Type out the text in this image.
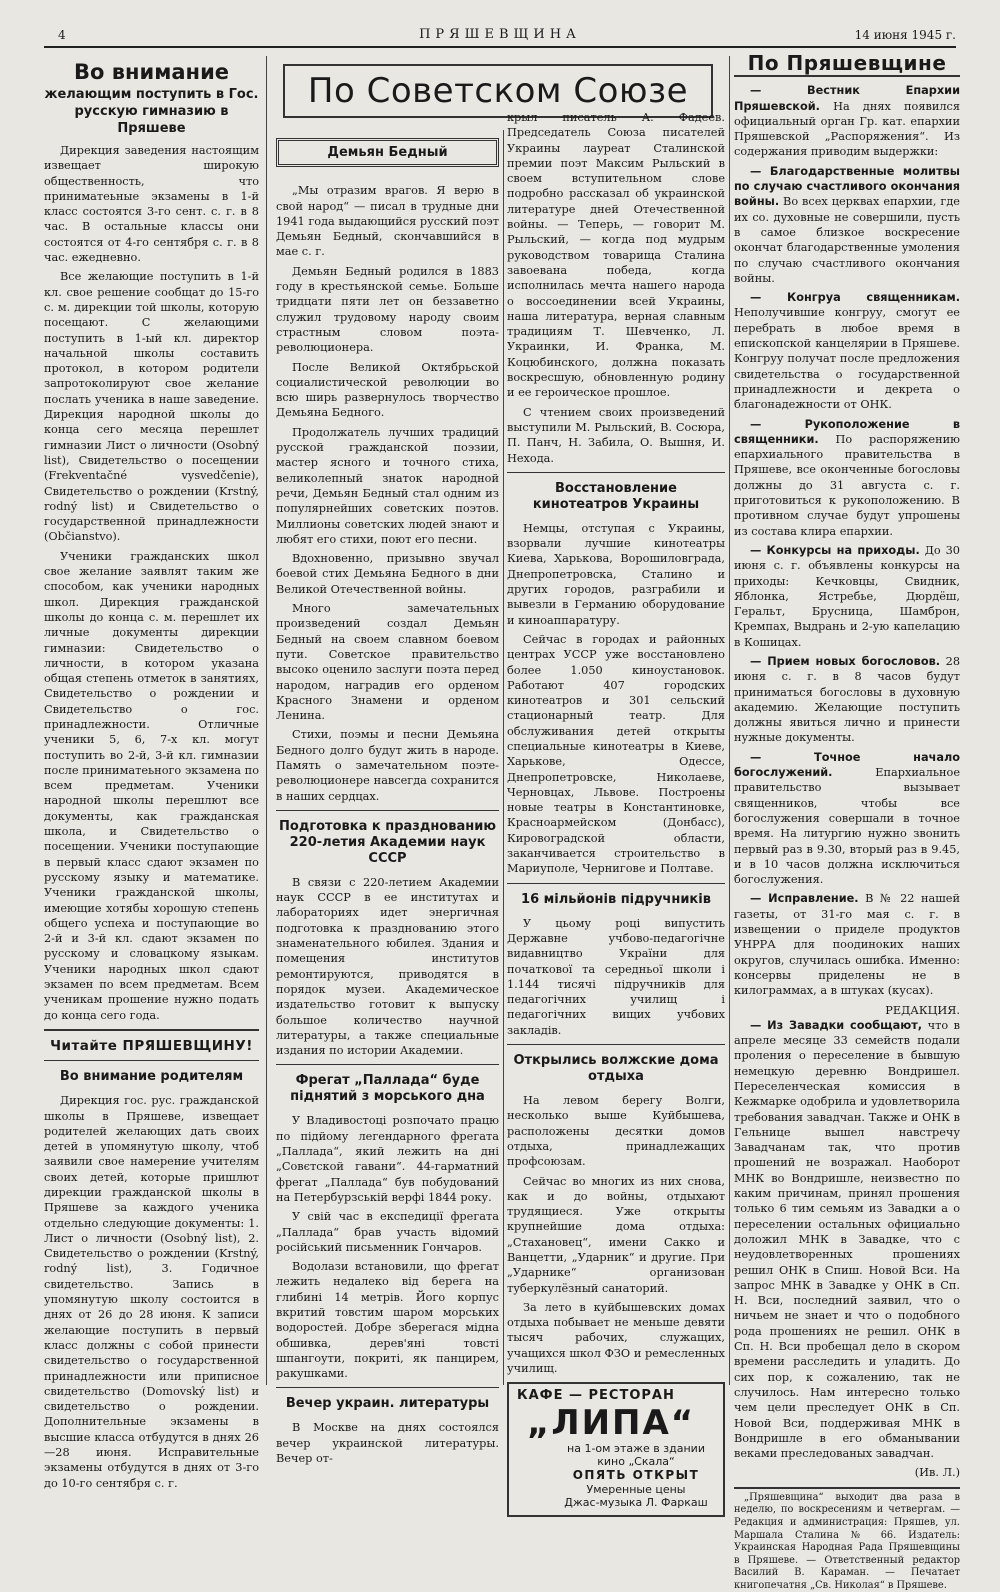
4	ПРЯШЕВЩИНА	14 июня 1945 г.
Во внимание
желающим поступить в Гос. русскую гимназию в Пряшеве

Дирекция заведения настоящим извещает широкую общественность, что приниматеьные экзамены в 1-й класс состоятся 3-го сент. с. г. в 8 час. В остальные классы они состоятся от 4-го сентября с. г. в 8 час. ежедневно.

Все желающие поступить в 1-й кл. свое решение сообщат до 15-го с. м. дирекции той школы, которую посещают. С желающими поступить в 1-ый кл. директор начальной школы составить протокол, в котором родители запротоколируют свое желание послать ученика в наше заведение. Дирекция народной школы до конца сего месяца перешлет гимназии Лист о личности (Osobný list), Свидетельство о посещении (Frekventačné vysvedčenie), Свидетельство о рождении (Krstný, rodný list) и Свидетельство о государственной принадлежности (Občianstvo).

Ученики гражданских школ свое желание заявлят таким же способом, как ученики народных школ. Дирекция гражданской школы до конца с. м. перешлет их личные документы дирекции гимназии: Свидетельство о личности, в котором указана общая степень отметок в занятиях, Свидетельство о рождении и Свидетельство о гос. принадлежности. Отличные ученики 5, 6, 7-х кл. могут поступить во 2-й, 3-й кл. гимназии после приниматеьного экзамена по всем предметам. Ученики народной школы перешлют все документы, как гражданская школа, и Свидетельство о посещении. Ученики поступающие в первый класс сдают экзамен по русскому языку и математике. Ученики гражданской школы, имеющие хотябы хорошую степень общего успеха и поступающие во 2-й и 3-й кл. сдают экзамен по русскому и словацкому языкам. Ученики народных школ сдают экзамен по всем предметам. Всем ученикам прошение нужно подать до конца сего года.

Читайте ПРЯШЕВЩИНУ!
Во внимание родителям

Дирекция гос. рус. гражданской школы в Пряшеве, извещает родителей желающих дать своих детей в упомянутую школу, чтоб заявили свое намерение учителям своих детей, которые пришлют дирекции гражданской школы в Пряшеве за каждого ученика отдельно следующие документы: 1. Лист о личности (Osobný list), 2. Свидетельство о рождении (Krstný, rodný list), 3. Годичное свидетельство. Запись в упомянутую школу состоится в днях от 26 до 28 июня. К записи желающие поступить в первый класс должны с собой принести свидетельство о государственной принадлежности или приписное свидетельство (Domovský list) и свидетельство о рождении. Дополнительные экзамены в высшие класса отбудутся в днях 26—28 июня. Исправительные экзамены отбудутся в днях от 3-го до 10-го сентября с. г.

По Советском Союзе
Демьян Бедный

„Мы отразим врагов. Я верю в свой народ“ — писал в трудные дни 1941 года выдающийся русский поэт Демьян Бедный, скончавшийся в мае с. г.

Демьян Бедный родился в 1883 году в крестьянской семье. Больше тридцати пяти лет он беззаветно служил трудовому народу своим страстным словом поэта-революционера.

После Великой Октябрьской социалистической революции во всю ширь развернулось творчество Демьяна Бедного.

Продолжатель лучших традиций русской гражданской поэзии, мастер ясного и точного стиха, великолепный знаток народной речи, Демьян Бедный стал одним из популярнейших советских поэтов. Миллионы советских людей знают и любят его стихи, поют его песни.

Вдохновенно, призывно звучал боевой стих Демьяна Бедного в дни Великой Отечественной войны.

Много замечательных произведений создал Демьян Бедный на своем славном боевом пути. Советское правительство высоко оценило заслуги поэта перед народом, наградив его орденом Красного Знамени и орденом Ленина.

Стихи, поэмы и песни Демьяна Бедного долго будут жить в народе. Память о замечательном поэте-революционере навсегда сохранится в наших сердцах.

Подготовка к празднованию 220-летия Академии наук СССР

В связи с 220-летием Академии наук СССР в ее институтах и лабораториях идет энергичная подготовка к празднованию этого знаменательного юбилея. Здания и помещения институтов ремонтируются, приводятся в порядок музеи. Академическое издательство готовит к выпуску большое количество научной литературы, а также специальные издания по истории Академии.

Фрегат „Паллада“ буде піднятий з морського дна

У Владивостоці розпочато працю по підйому легендарного фрегата „Паллада“, який лежить на дні „Совєтской гавани“. 44-гарматний фрегат „Паллада“ був побудований на Петербурзській верфі 1844 року.

У свій час в експедиції фрегата „Паллада“ брав участь відомий російський письменник Гончаров.

Водолази встановили, що фрегат лежить недалеко від берега на глибині 14 метрів. Його корпус вкритий товстим шаром морських водоростей. Добре зберегася мідна обшивка, дерев'яні товсті шпангоути, покриті, як панцирем, ракушками.

Вечер украин. литературы

В Москве на днях состоялся вечер украинской литературы. Вечер от-

крыл писатель А. Фадеев. Председатель Союза писателей Украины лауреат Сталинской премии поэт Максим Рыльский в своем вступительном слове подробно рассказал об украинской литературе дней Отечественной войны. — Теперь, — говорит М. Рыльский, — когда под мудрым руководством товарища Сталина завоевана победа, когда исполнилась мечта нашего народа о воссоединении всей Украины, наша литература, верная славным традициям Т. Шевченко, Л. Украинки, И. Франка, М. Коцюбинского, должна показать воскресшую, обновленную родину и ее героическое прошлое.

С чтением своих произведений выступили М. Рыльский, В. Сосюра, П. Панч, Н. Забила, О. Вышня, И. Нехода.

Восстановление кинотеатров Украины

Немцы, отступая с Украины, взорвали лучшие кинотеатры Киева, Харькова, Ворошиловграда, Днепропетровска, Сталино и других городов, разграбили и вывезли в Германию оборудование и киноаппаратуру.

Сейчас в городах и районных центрах УССР уже восстановлено более 1.050 киноустановок. Работают 407 городских кинотеатров и 301 сельский стационарный театр. Для обслуживания детей открыты специальные кинотеатры в Киеве, Харькове, Одессе, Днепропетровске, Николаеве, Черновцах, Львове. Построены новые театры в Константиновке, Красноармейском (Донбасс), Кировоградской области, заканчивается строительство в Мариуполе, Чернигове и Полтаве.

16 мільйонів підручників

У цьому році випустить Державне учбово-педагогічне видавництво України для початкової та середньої школи і 1.144 тисячі підручників для педагогічних училищ і педагогічних вищих учбових закладів.

Открылись волжские дома отдыха

На левом берегу Волги, несколько выше Куйбышева, расположены десятки домов отдыха, принадлежащих профсоюзам.

Сейчас во многих из них снова, как и до войны, отдыхают трудящиеся. Уже открыты крупнейшие дома отдыха: „Стахановец“, имени Сакко и Ванцетти, „Ударник“ и другие. При „Ударнике“ организован туберкулёзный санаторий.

За лето в куйбышевских домах отдыха побывает не меньше девяти тысяч рабочих, служащих, учащихся школ ФЗО и ремесленных училищ.

КАФЕ — РЕСТОРАН
„ЛИПА“
на 1-ом этаже в здании кино „Скала“
ОПЯТЬ ОТКРЫТ
Умеренные цены
Джас-музыка Л. Фаркаш
По Пряшевщине

— Вестник Епархии Пряшевской. На днях появился официальный орган Гр. кат. епархии Пряшевской „Распоряжения“. Из содержания приводим выдержки:

— Благодарственные молитвы по случаю счастливого окончания войны. Во всех церквах епархии, где их со. духовные не совершили, пусть в самое близкое воскресение окончат благодарственные умоления по случаю счастливого окончания войны.

— Конгруа священникам. Неполучившие конгруу, смогут ее перебрать в любое время в епископской канцелярии в Пряшеве. Конгруу получат после предложения свидетельства о государственной принадлежности и декрета о благонадежности от ОНК.

— Рукоположение в священники. По распоряжению епархиального правительства в Пряшеве, все оконченные богословы должны до 31 августа с. г. приготовиться к рукоположению. В противном случае будут упрошены из состава клира епархии.

— Конкурсы на приходы. До 30 июня с. г. объявлены конкурсы на приходы: Кечковцы, Свидник, Яблонка, Ястребье, Дюрдёш, Геральт, Брусница, Шамброн, Кремпах, Выдрань и 2-ую капелацию в Кошицах.

— Прием новых богословов. 28 июня с. г. в 8 часов будут приниматься богословы в духовную академию. Желающие поступить должны явиться лично и принести нужные документы.

— Точное начало богослужений. Епархиальное правительство вызывает священников, чтобы все богослужения совершали в точное время. На литургию нужно звонить первый раз в 9.30, вторый раз в 9.45, и в 10 часов должна исключиться богослужения.

— Исправление. В № 22 нашей газеты, от 31-го мая с. г. в извещении о приделе продуктов УНРРА для поодиноких наших округов, случилась ошибка. Именно: консервы приделены не в килограммах, а в штуках (кусах).

РЕДАКЦИЯ.

— Из Завадки сообщают, что в апреле месяце 33 семейств подали проления о переселение в бывшую немецкую деревню Вондришел. Переселенческая комиссия в Кежмарке одобрила и удовлетворила требования завадчан. Также и ОНК в Гельнице вышел навстречу Завадчанам так, что против прошений не возражал. Наоборот МНК во Вондришле, неизвестно по каким причинам, принял прошения только 6 тим семьям из Завадки а о переселении остальных официально доложил МНК в Завадке, что с неудовлетворенных прошениях решил ОНК в Спиш. Новой Вси. На запрос МНК в Завадке у ОНК в Сп. Н. Вси, последний заявил, что о ничьем не знает и что о подобного рода прошениях не решил. ОНК в Сп. Н. Вси пробещал дело в скором времени расследить и уладить. До сих пор, к сожалению, так не случилось. Нам интересно только чем цели преследует ОНК в Сп. Новой Вси, поддерживая МНК в Вондришле в его обманывании веками преследованых завадчан.

(Ив. Л.)

„Пряшевщина“ выходит два раза в неделю, по воскресениям и четвергам. — Редакция и администрация: Пряшев, ул. Маршала Сталина № 66. Издатель: Украинская Народная Рада Пряшевщины в Пряшеве. — Ответственный редактор Василий В. Караман. — Печатает книгопечатня „Св. Николая“ в Пряшеве.
